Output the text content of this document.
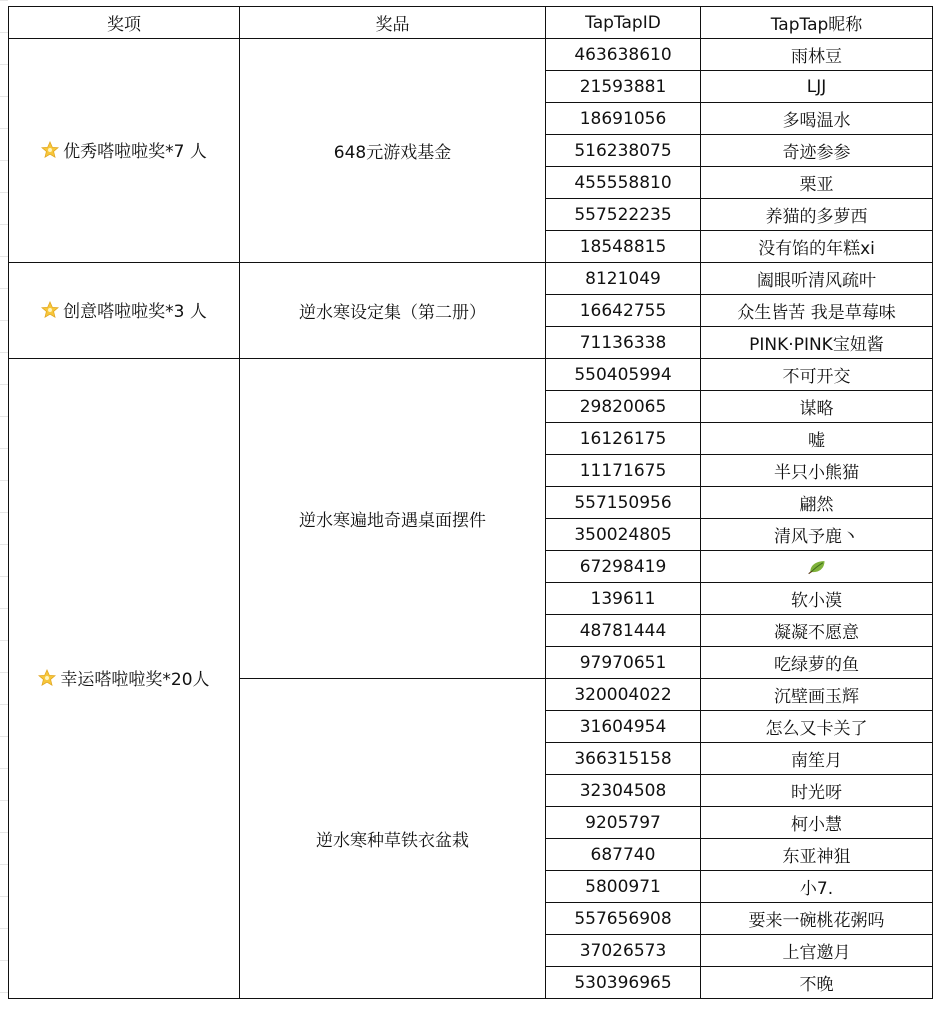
奖项	奖品	TapTapID	TapTap昵称

优秀嗒啦啦奖*7 人	648元游戏基金	463638610	雨林豆
		21593881	LJJ
		18691056	多喝温水
		516238075	奇迹参参
		455558810	栗亚
		557522235	养猫的多萝西
		18548815	没有馅的年糕xi

创意嗒啦啦奖*3 人	逆水寒设定集（第二册）	8121049	阖眼听清风疏叶
		16642755	众生皆苦 我是草莓味
		71136338	PINK·PINK宝妞酱

幸运嗒啦啦奖*20人	逆水寒遍地奇遇桌面摆件	550405994	不可开交
		29820065	谋略
		16126175	嘘
		11171675	半只小熊猫
		557150956	翩然
		350024805	清风予鹿丶
		67298419	
		139611	软小漠
		48781444	凝凝不愿意
		97970651	吃绿萝的鱼
	逆水寒种草铁衣盆栽	320004022	沉壁画玉辉
		31604954	怎么又卡关了
		366315158	南笙月
		32304508	时光呀
		9205797	柯小慧
		687740	东亚神狙
		5800971	小7.
		557656908	要来一碗桃花粥吗
		37026573	上官邀月
		530396965	不晚
